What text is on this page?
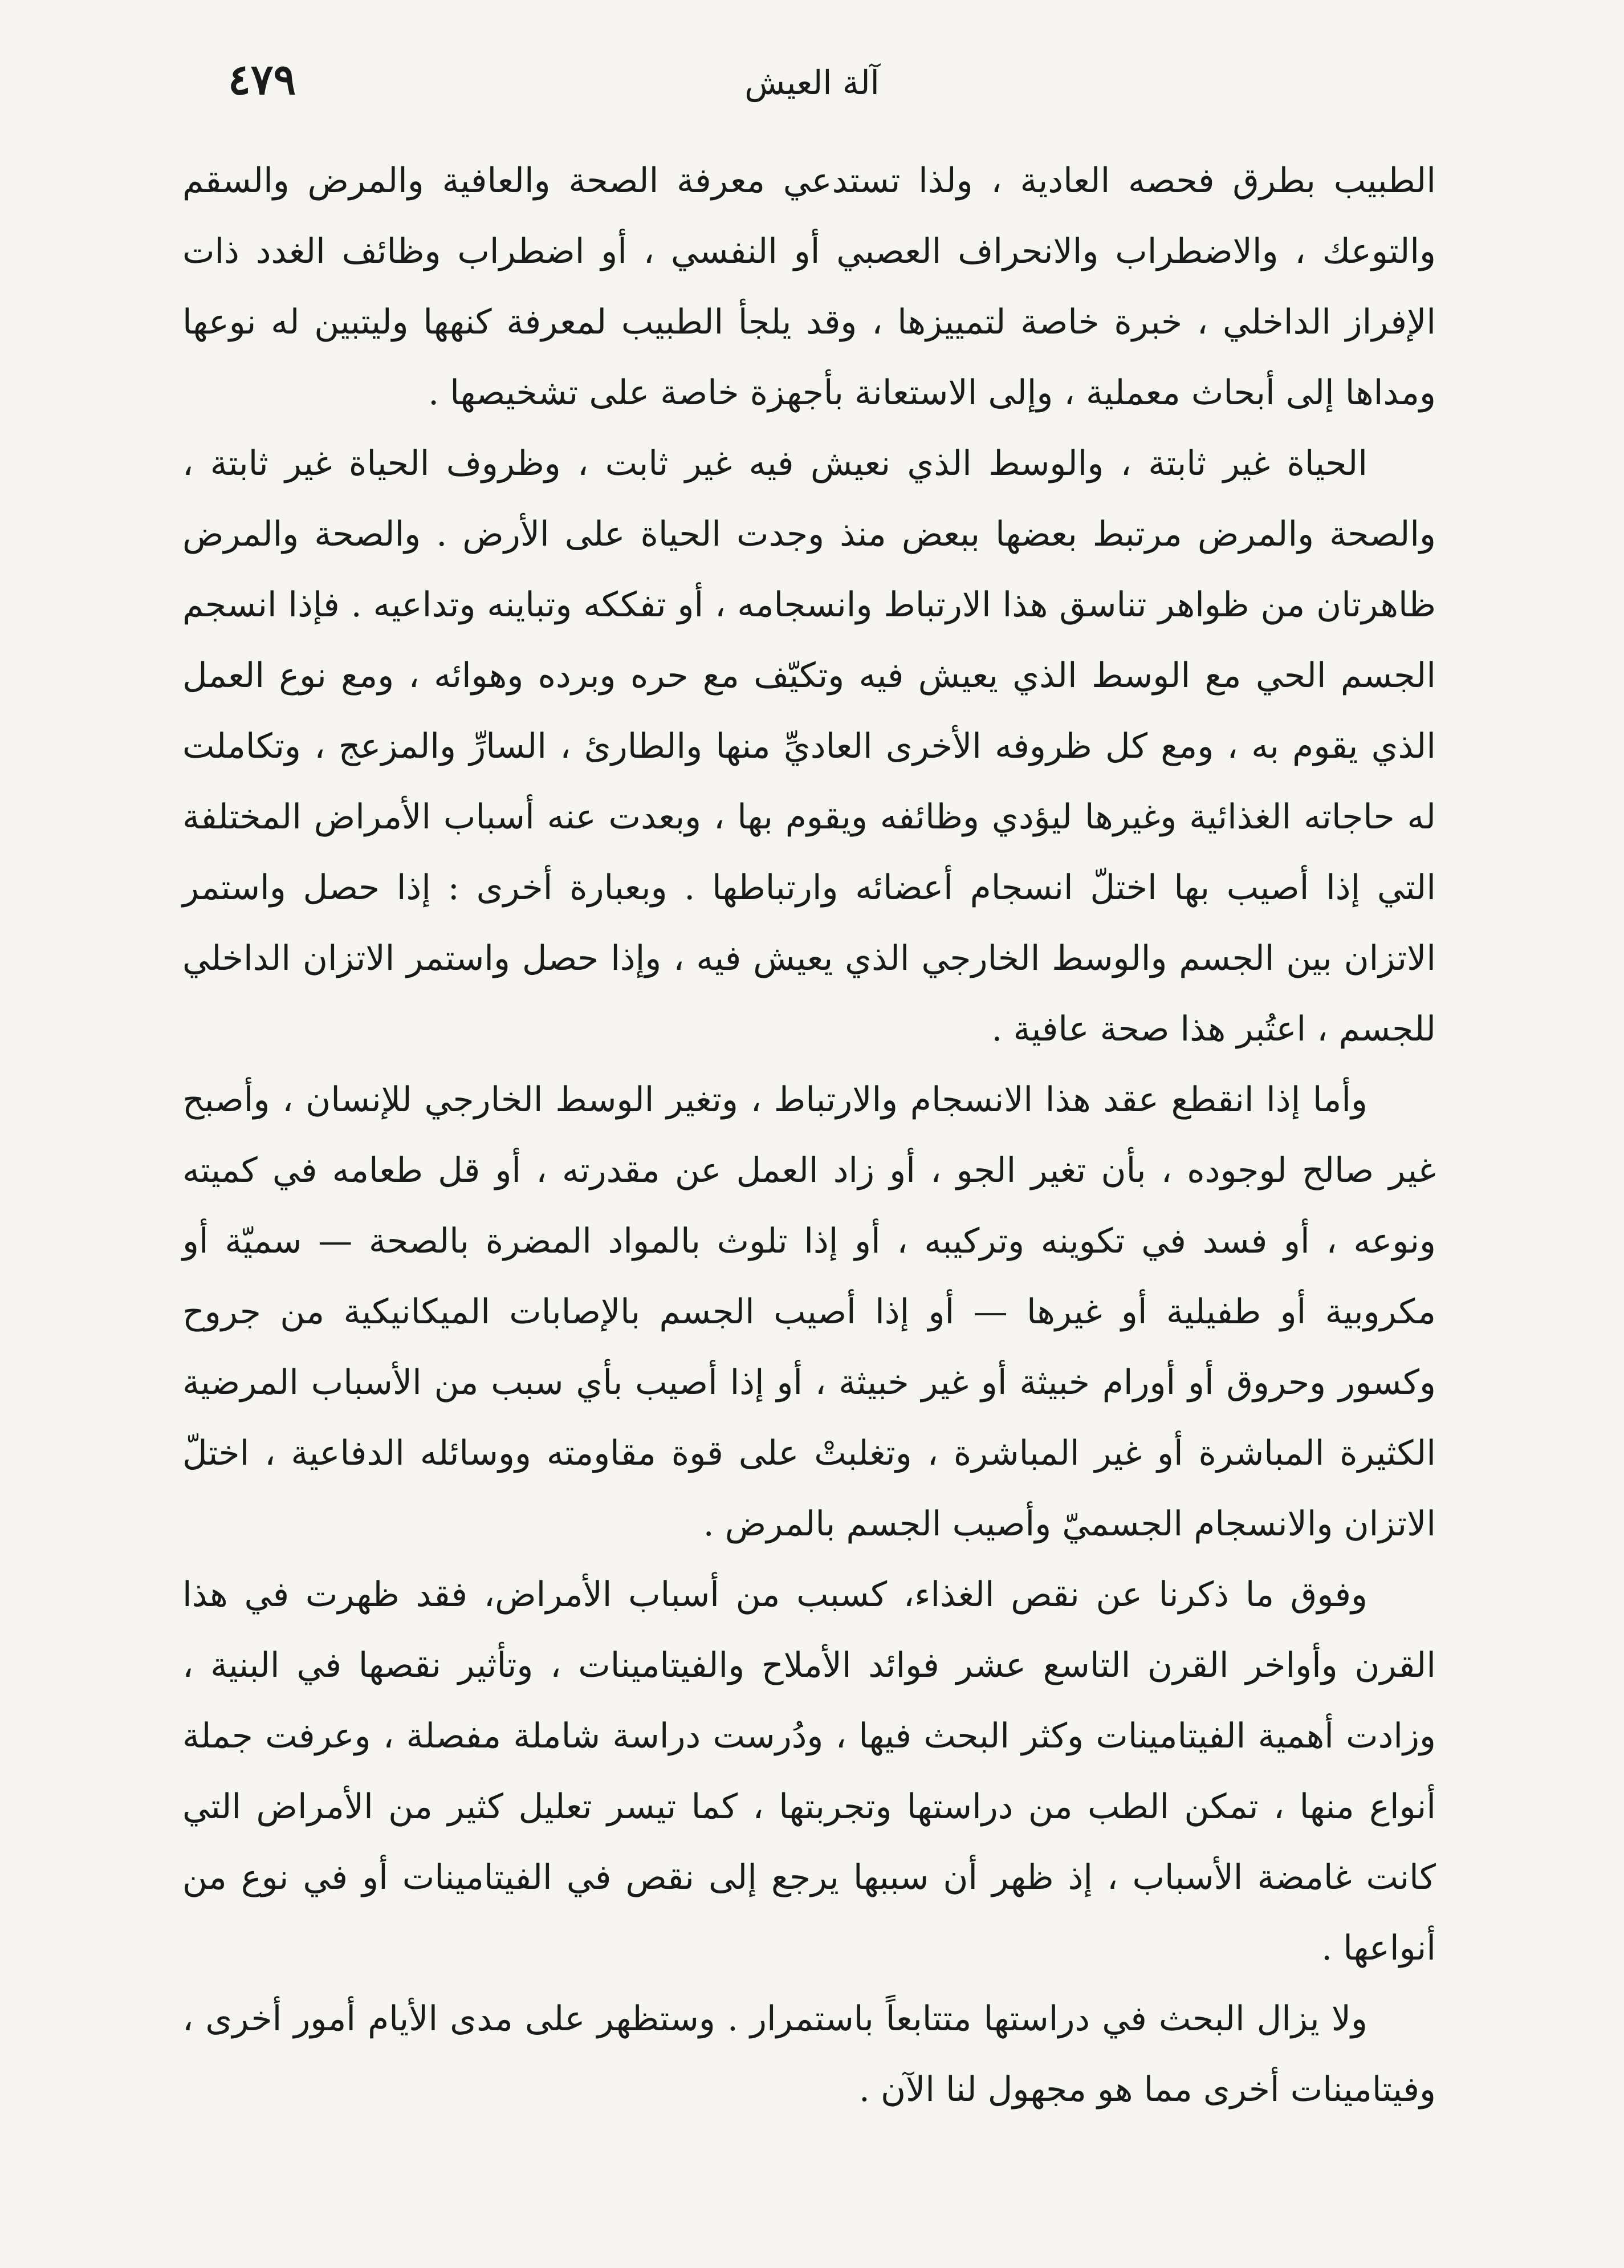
آلة العيش
٤٧٩

الطبيب بطرق فحصه العادية ، ولذا تستدعي معرفة الصحة والعافية والمرض والسقم والتوعك ، والاضطراب والانحراف العصبي أو النفسي ، أو اضطراب وظائف الغدد ذات الإفراز الداخلي ، خبرة خاصة لتمييزها ، وقد يلجأ الطبيب لمعرفة كنهها وليتبين له نوعها ومداها إلى أبحاث معملية ، وإلى الاستعانة بأجهزة خاصة على تشخيصها .

الحياة غير ثابتة ، والوسط الذي نعيش فيه غير ثابت ، وظروف الحياة غير ثابتة ، والصحة والمرض مرتبط بعضها ببعض منذ وجدت الحياة على الأرض . والصحة والمرض ظاهرتان من ظواهر تناسق هذا الارتباط وانسجامه ، أو تفككه وتباينه وتداعيه . فإذا انسجم الجسم الحي مع الوسط الذي يعيش فيه وتكيّف مع حره وبرده وهوائه ، ومع نوع العمل الذي يقوم به ، ومع كل ظروفه الأخرى العاديِّ منها والطارئ ، السارِّ والمزعج ، وتكاملت له حاجاته الغذائية وغيرها ليؤدي وظائفه ويقوم بها ، وبعدت عنه أسباب الأمراض المختلفة التي إذا أصيب بها اختلّ انسجام أعضائه وارتباطها . وبعبارة أخرى : إذا حصل واستمر الاتزان بين الجسم والوسط الخارجي الذي يعيش فيه ، وإذا حصل واستمر الاتزان الداخلي للجسم ، اعتُبر هذا صحة عافية .

وأما إذا انقطع عقد هذا الانسجام والارتباط ، وتغير الوسط الخارجي للإنسان ، وأصبح غير صالح لوجوده ، بأن تغير الجو ، أو زاد العمل عن مقدرته ، أو قل طعامه في كميته ونوعه ، أو فسد في تكوينه وتركيبه ، أو إذا تلوث بالمواد المضرة بالصحة — سميّة أو مكروبية أو طفيلية أو غيرها — أو إذا أصيب الجسم بالإصابات الميكانيكية من جروح وكسور وحروق أو أورام خبيثة أو غير خبيثة ، أو إذا أصيب بأي سبب من الأسباب المرضية الكثيرة المباشرة أو غير المباشرة ، وتغلبتْ على قوة مقاومته ووسائله الدفاعية ، اختلّ الاتزان والانسجام الجسميّ وأصيب الجسم بالمرض .

وفوق ما ذكرنا عن نقص الغذاء، كسبب من أسباب الأمراض، فقد ظهرت في هذا القرن وأواخر القرن التاسع عشر فوائد الأملاح والفيتامينات ، وتأثير نقصها في البنية ، وزادت أهمية الفيتامينات وكثر البحث فيها ، ودُرست دراسة شاملة مفصلة ، وعرفت جملة أنواع منها ، تمكن الطب من دراستها وتجربتها ، كما تيسر تعليل كثير من الأمراض التي كانت غامضة الأسباب ، إذ ظهر أن سببها يرجع إلى نقص في الفيتامينات أو في نوع من أنواعها .

ولا يزال البحث في دراستها متتابعاً باستمرار . وستظهر على مدى الأيام أمور أخرى ، وفيتامينات أخرى مما هو مجهول لنا الآن .
